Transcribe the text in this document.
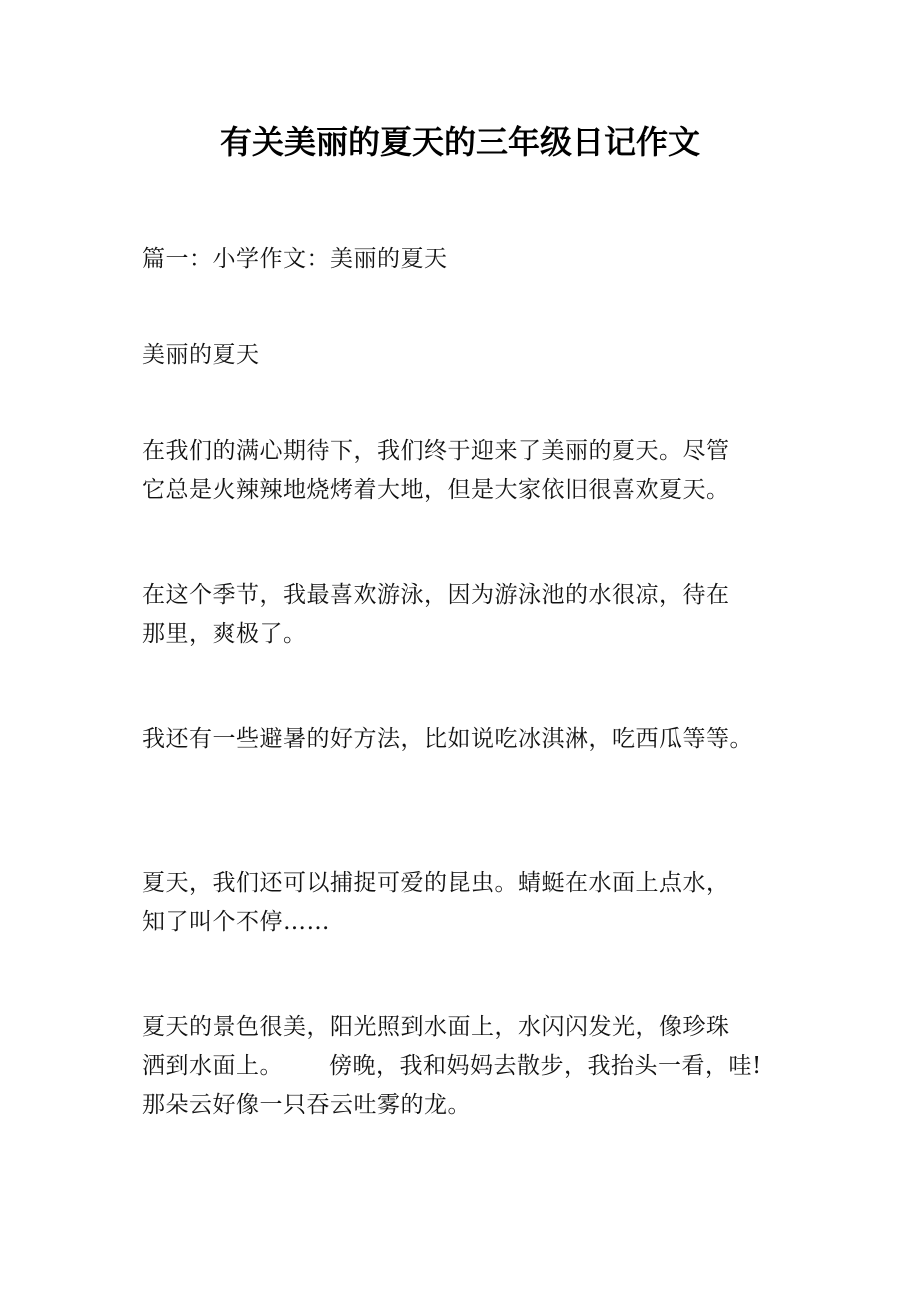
有关美丽的夏天的三年级日记作文
篇一：小学作文：美丽的夏天
美丽的夏天
在我们的满心期待下，我们终于迎来了美丽的夏天。尽管
它总是火辣辣地烧烤着大地，但是大家依旧很喜欢夏天。
在这个季节，我最喜欢游泳，因为游泳池的水很凉，待在
那里，爽极了。
我还有一些避暑的好方法，比如说吃冰淇淋，吃西瓜等等。
夏天，我们还可以捕捉可爱的昆虫。蜻蜓在水面上点水，
知了叫个不停……
夏天的景色很美，阳光照到水面上，水闪闪发光，像珍珠
洒到水面上。 傍晚，我和妈妈去散步，我抬头一看，哇!
那朵云好像一只吞云吐雾的龙。
